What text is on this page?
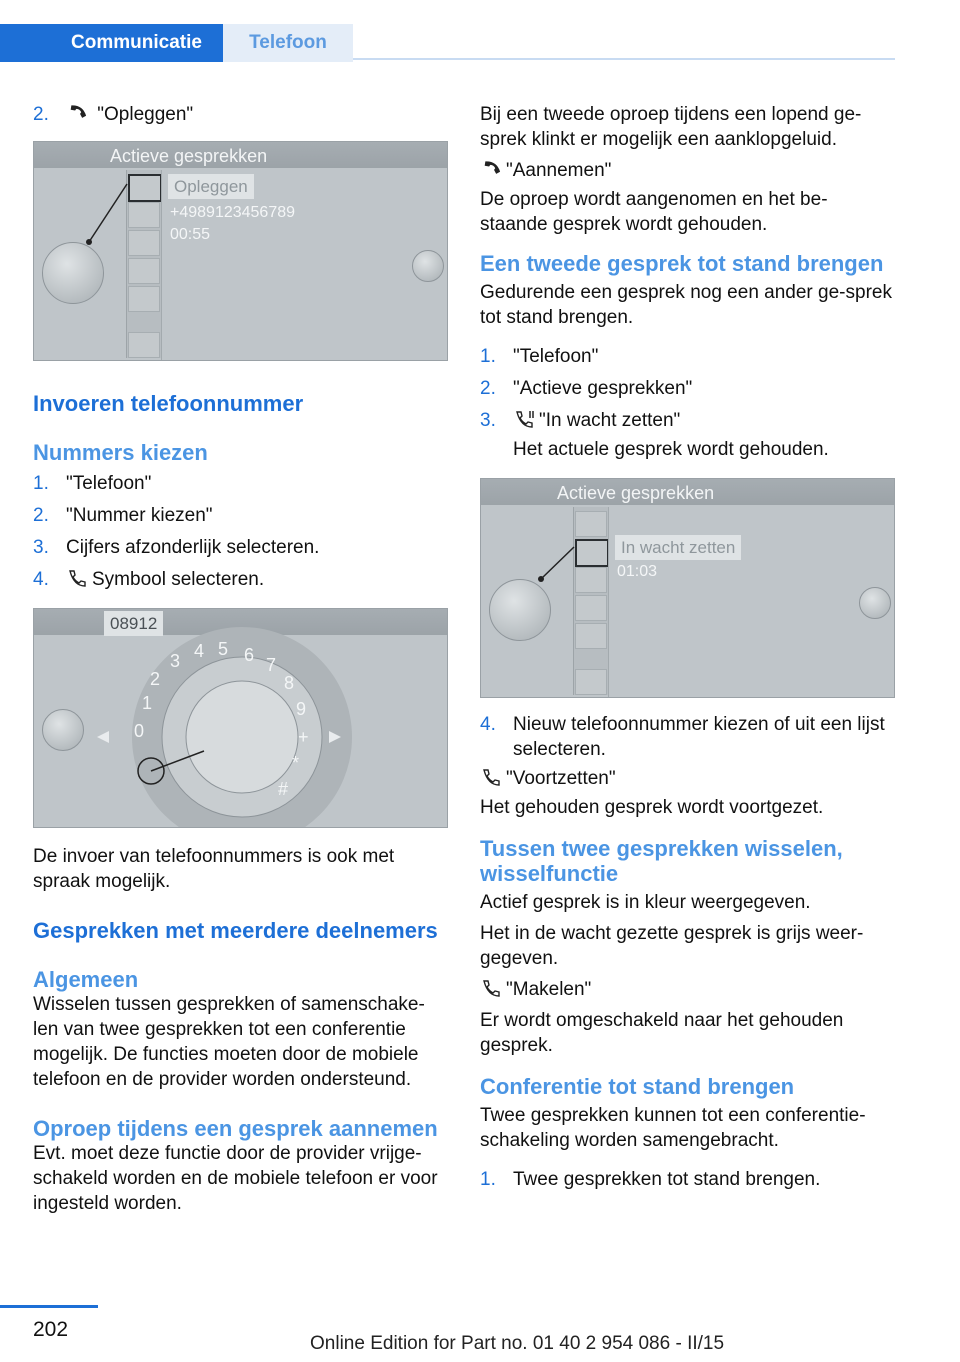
Communicatie	Telefoon
2.	"Opleggen"
Actieve gesprekken
Opleggen
+4989123456789
00:55
Invoeren telefoonnummer
Nummers kiezen
1. "Telefoon"
2. "Nummer kiezen"
3. Cijfers afzonderlijk selecteren.
4. Symbool selecteren.
08912
1
2
3 4 5 6 7
8
9
0	+
*
#

De invoer van telefoonnummers is ook met spraak mogelijk.

Gesprekken met meerdere deelnemers
Algemeen

Wisselen tussen gesprekken of samenschake-len van twee gesprekken tot een conferentie mogelijk. De functies moeten door de mobiele telefoon en de provider worden ondersteund.

Oproep tijdens een gesprek aannemen

Evt. moet deze functie door de provider vrijge-schakeld worden en de mobiele telefoon er voor ingesteld worden.

Bij een tweede oproep tijdens een lopend ge-sprek klinkt er mogelijk een aanklopgeluid.

"Aannemen"

De oproep wordt aangenomen en het be-staande gesprek wordt gehouden.

Een tweede gesprek tot stand brengen

Gedurende een gesprek nog een ander ge-sprek tot stand brengen.

1. "Telefoon"
2. "Actieve gesprekken"
3. "In wacht zetten"

Het actuele gesprek wordt gehouden.

Actieve gesprekken
In wacht zetten
01:03
4. Nieuw telefoonnummer kiezen of uit een lijst selecteren.

"Voortzetten"

Het gehouden gesprek wordt voortgezet.

Tussen twee gesprekken wisselen, wisselfunctie

Actief gesprek is in kleur weergegeven.

Het in de wacht gezette gesprek is grijs weer-gegeven.

"Makelen"

Er wordt omgeschakeld naar het gehouden gesprek.

Conferentie tot stand brengen

Twee gesprekken kunnen tot een conferentie-schakeling worden samengebracht.

1. Twee gesprekken tot stand brengen.
202
Online Edition for Part no. 01 40 2 954 086 - II/15
